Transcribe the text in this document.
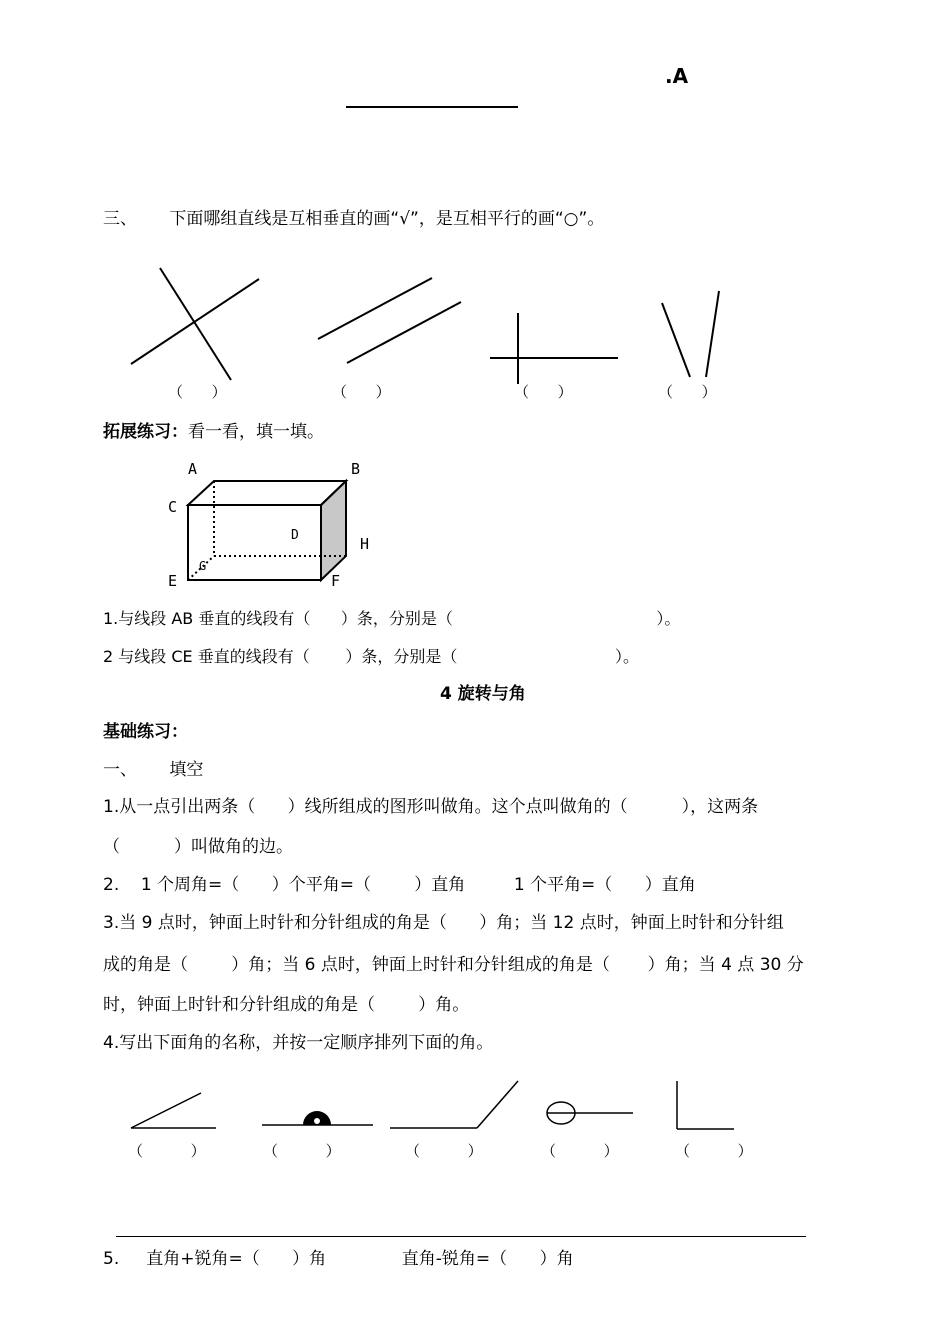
.A
三、      下面哪组直线是互相垂直的画“√”，是互相平行的画“○”。
（      ）	（      ）	（      ）	（      ）
拓展练习：看一看，填一填。
A	B
C
D	H
E
G
F
1.与线段 AB 垂直的线段有（      ）条，分别是（                                        ）。
2 与线段 CE 垂直的线段有（       ）条，分别是（                               ）。
4 旋转与角
基础练习：
一、      填空
1.从一点引出两条（      ）线所组成的图形叫做角。这个点叫做角的（          ），这两条
（          ）叫做角的边。
2.    1 个周角=（      ）个平角=（        ）直角         1 个平角=（      ）直角
3.当 9 点时，钟面上时针和分针组成的角是（      ）角；当 12 点时，钟面上时针和分针组
成的角是（        ）角；当 6 点时，钟面上时针和分针组成的角是（       ）角；当 4 点 30 分
时，钟面上时针和分针组成的角是（        ）角。
4.写出下面角的名称，并按一定顺序排列下面的角。
（          ）	（          ）	（          ）	（          ）	（          ）
5.     直角+锐角=（      ）角              直角-锐角=（      ）角
